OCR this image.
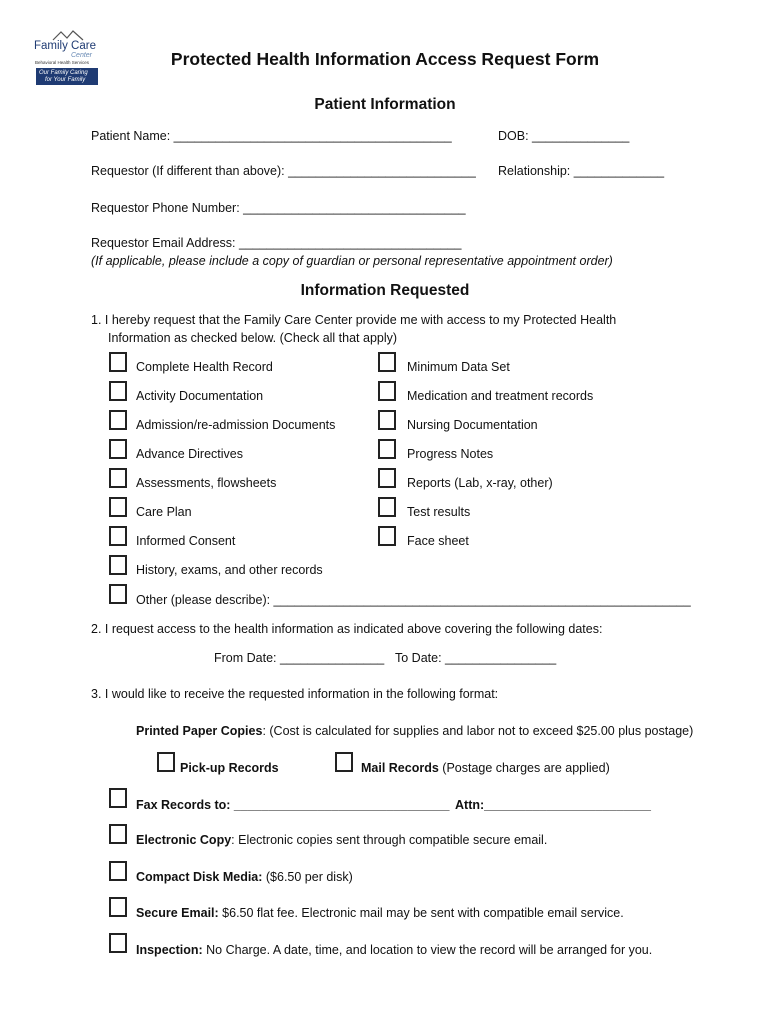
Family Care
Center
Behavioral Health Services
Our Family Caring
for Your Family
Protected Health Information Access Request Form
Patient Information
Patient Name: ________________________________________	DOB: ______________
Requestor (If different than above): ___________________________ Relationship: _____________
Requestor Phone Number: ________________________________
Requestor Email Address: ________________________________
(If applicable, please include a copy of guardian or personal representative appointment order)
Information Requested
1. I hereby request that the Family Care Center provide me with access to my Protected Health
Information as checked below. (Check all that apply)
Complete Health Record
Activity Documentation
Admission/re-admission Documents
Advance Directives
Assessments, flowsheets
Care Plan
Informed Consent
History, exams, and other records
Other (please describe): ____________________________________________________________
Minimum Data Set
Medication and treatment records
Nursing Documentation
Progress Notes
Reports (Lab, x-ray, other)
Test results
Face sheet
2. I request access to the health information as indicated above covering the following dates:
From Date: _______________ To Date: ________________
3. I would like to receive the requested information in the following format:
Printed Paper Copies: (Cost is calculated for supplies and labor not to exceed $25.00 plus postage)
Pick-up Records	Mail Records (Postage charges are applied)
Fax Records to: _______________________________ Attn:________________________
Electronic Copy: Electronic copies sent through compatible secure email.
Compact Disk Media: ($6.50 per disk)
Secure Email: $6.50 flat fee. Electronic mail may be sent with compatible email service.
Inspection: No Charge. A date, time, and location to view the record will be arranged for you.
